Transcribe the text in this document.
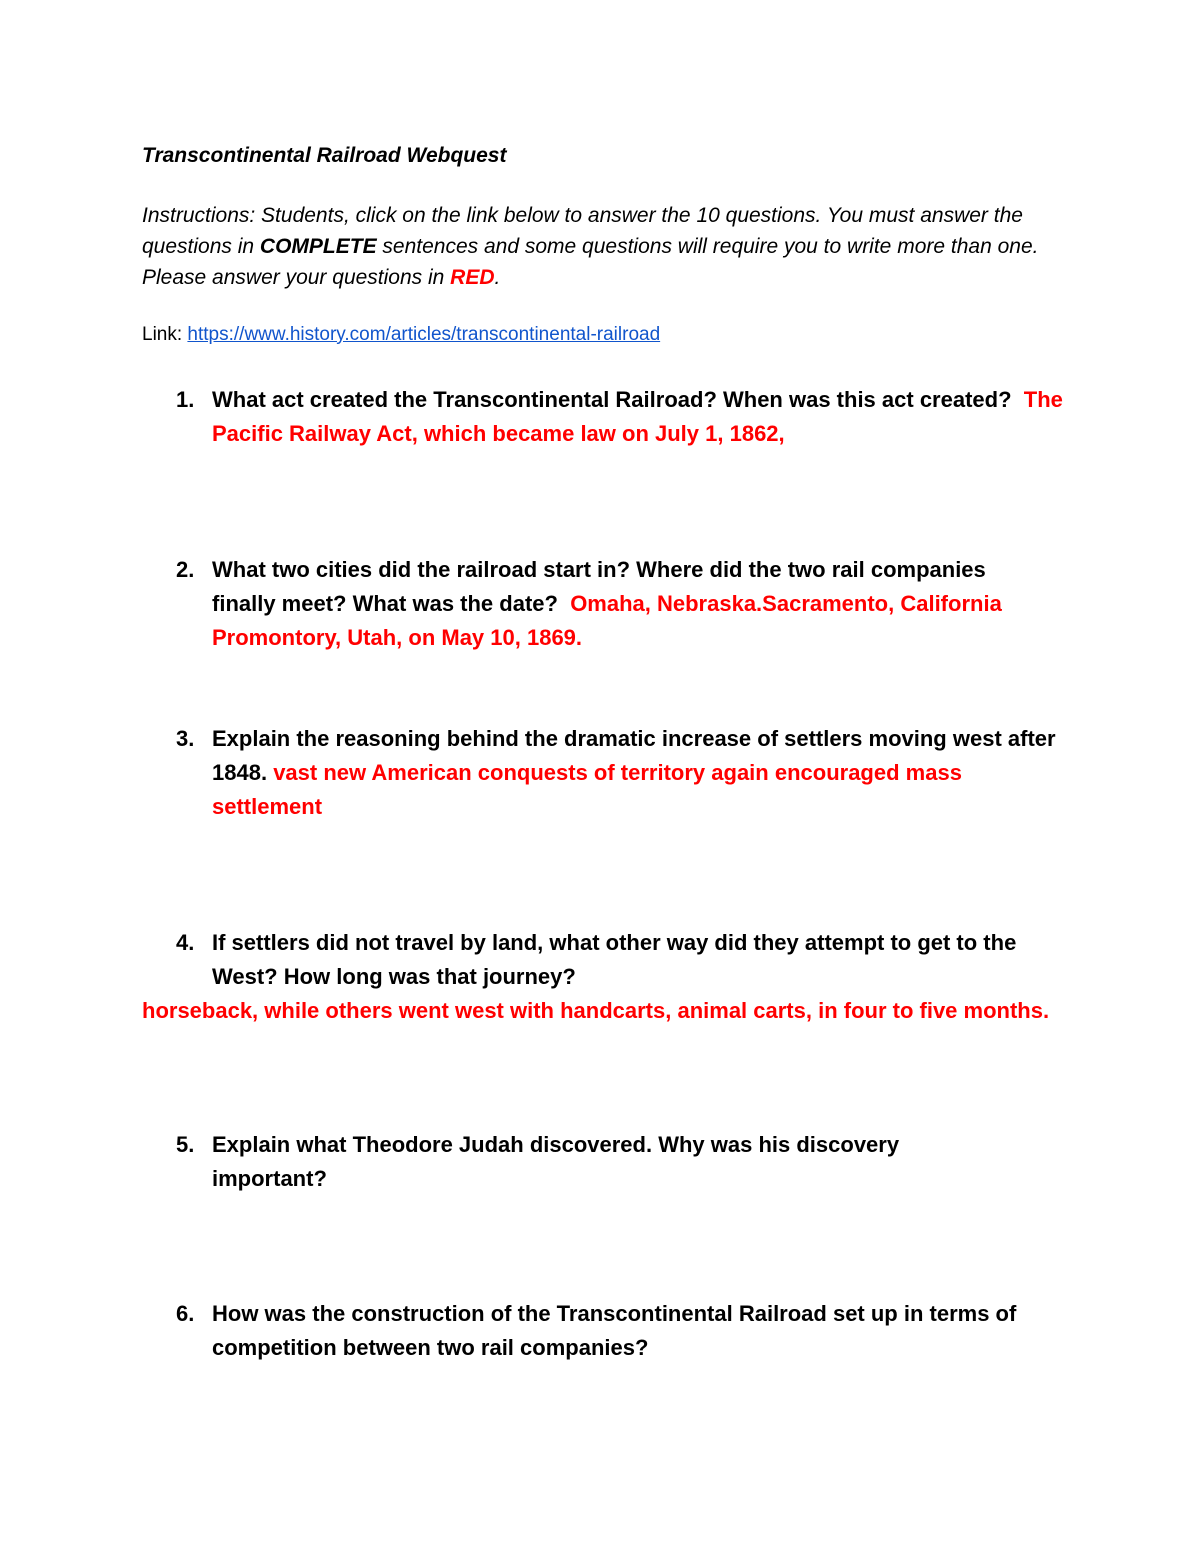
Transcontinental Railroad Webquest

Instructions: Students, click on the link below to answer the 10 questions. You must answer the questions in COMPLETE sentences and some questions will require you to write more than one. Please answer your questions in RED.

Link: https://www.history.com/articles/transcontinental-railroad

1. What act created the Transcontinental Railroad? When was this act created? The Pacific Railway Act, which became law on July 1, 1862,
2. What two cities did the railroad start in? Where did the two rail companies finally meet? What was the date? Omaha, Nebraska.Sacramento, California Promontory, Utah, on May 10, 1869.
3. Explain the reasoning behind the dramatic increase of settlers moving west after 1848. vast new American conquests of territory again encouraged mass settlement
4. If settlers did not travel by land, what other way did they attempt to get to the West? How long was that journey?

horseback, while others went west with handcarts, animal carts, in four to five months.

5. Explain what Theodore Judah discovered. Why was his discovery important?
6. How was the construction of the Transcontinental Railroad set up in terms of competition between two rail companies?
